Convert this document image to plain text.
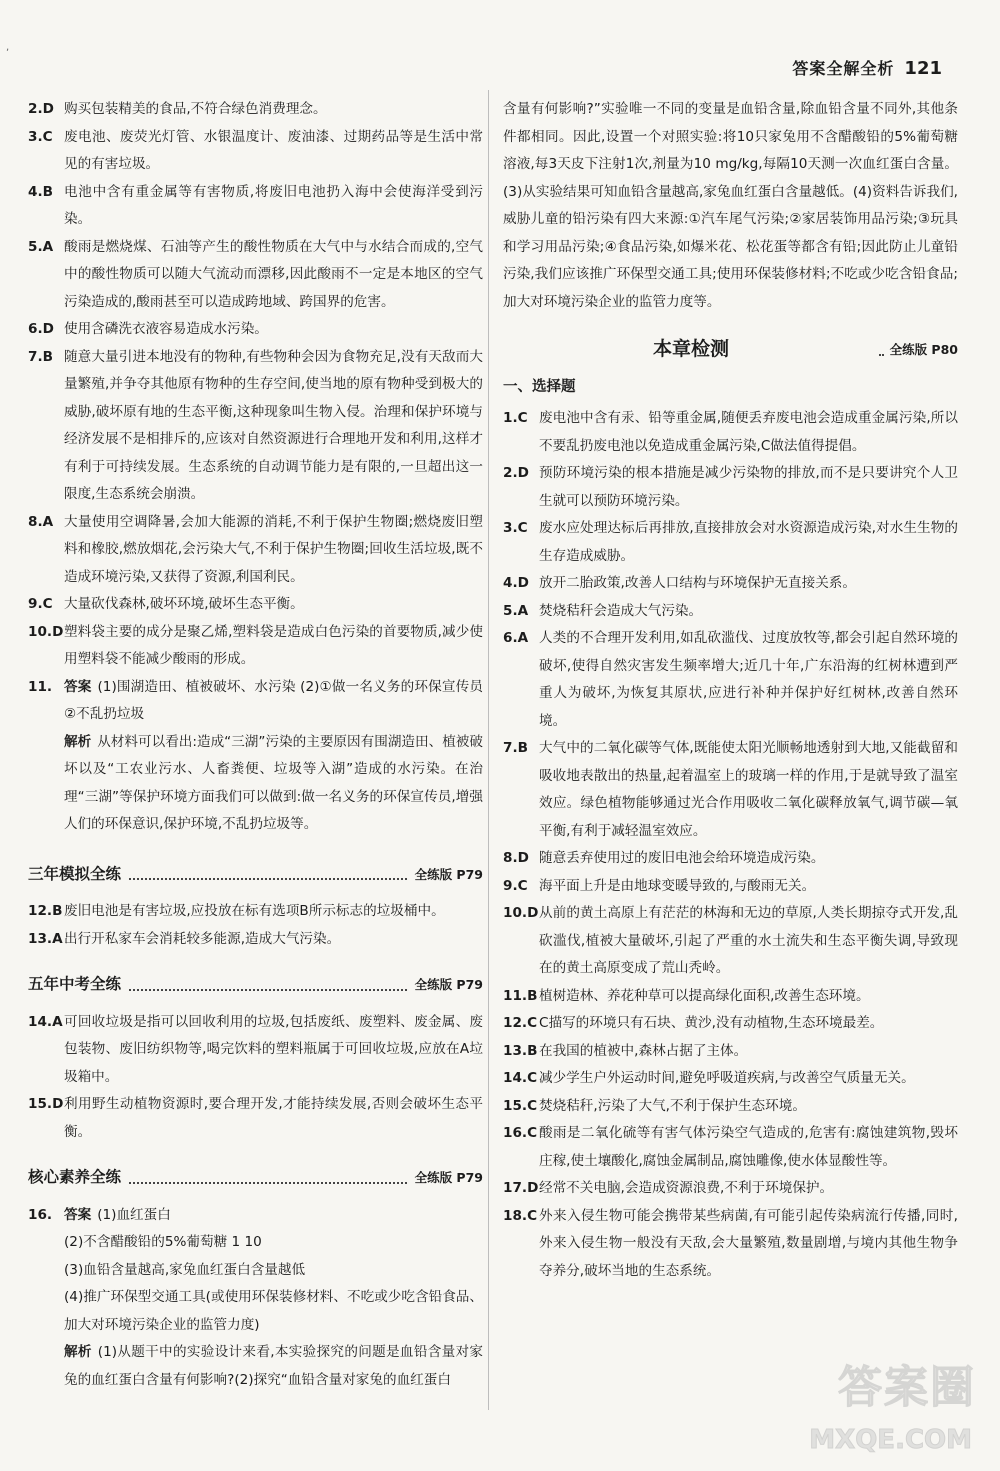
,
答案全解全析 121
2.D 购买包装精美的食品,不符合绿色消费理念。
3.C 废电池、废荧光灯管、水银温度计、废油漆、过期药品等是生活中常见的有害垃圾。
4.B 电池中含有重金属等有害物质,将废旧电池扔入海中会使海洋受到污染。
5.A 酸雨是燃烧煤、石油等产生的酸性物质在大气中与水结合而成的,空气中的酸性物质可以随大气流动而漂移,因此酸雨不一定是本地区的空气污染造成的,酸雨甚至可以造成跨地域、跨国界的危害。
6.D 使用含磷洗衣液容易造成水污染。
7.B 随意大量引进本地没有的物种,有些物种会因为食物充足,没有天敌而大量繁殖,并争夺其他原有物种的生存空间,使当地的原有物种受到极大的威胁,破坏原有地的生态平衡,这种现象叫生物入侵。治理和保护环境与经济发展不是相排斥的,应该对自然资源进行合理地开发和利用,这样才有利于可持续发展。生态系统的自动调节能力是有限的,一旦超出这一限度,生态系统会崩溃。
8.A 大量使用空调降暑,会加大能源的消耗,不利于保护生物圈;燃烧废旧塑料和橡胶,燃放烟花,会污染大气,不利于保护生物圈;回收生活垃圾,既不造成环境污染,又获得了资源,利国利民。
9.C 大量砍伐森林,破坏环境,破坏生态平衡。
10.D 塑料袋主要的成分是聚乙烯,塑料袋是造成白色污染的首要物质,减少使用塑料袋不能减少酸雨的形成。
11. 答案 (1)围湖造田、植被破坏、水污染 (2)①做一名义务的环保宣传员 ②不乱扔垃圾
解析 从材料可以看出:造成“三湖”污染的主要原因有围湖造田、植被破坏以及“工农业污水、人畜粪便、垃圾等入湖”造成的水污染。在治理“三湖”等保护环境方面我们可以做到:做一名义务的环保宣传员,增强人们的环保意识,保护环境,不乱扔垃圾等。
三年模拟全练	全练版 P79
12.B 废旧电池是有害垃圾,应投放在标有选项B所示标志的垃圾桶中。
13.A 出行开私家车会消耗较多能源,造成大气污染。
五年中考全练	全练版 P79
14.A 可回收垃圾是指可以回收利用的垃圾,包括废纸、废塑料、废金属、废包装物、废旧纺织物等,喝完饮料的塑料瓶属于可回收垃圾,应放在A垃圾箱中。
15.D 利用野生动植物资源时,要合理开发,才能持续发展,否则会破坏生态平衡。
核心素养全练	全练版 P79
16. 答案 (1)血红蛋白
(2)不含醋酸铅的5%葡萄糖 1 10
(3)血铅含量越高,家兔血红蛋白含量越低
(4)推广环保型交通工具(或使用环保装修材料、不吃或少吃含铅食品、加大对环境污染企业的监管力度)
解析 (1)从题干中的实验设计来看,本实验探究的问题是血铅含量对家兔的血红蛋白含量有何影响?(2)探究“血铅含量对家兔的血红蛋白
含量有何影响?”实验唯一不同的变量是血铅含量,除血铅含量不同外,其他条件都相同。因此,设置一个对照实验:将10只家兔用不含醋酸铅的5%葡萄糖溶液,每3天皮下注射1次,剂量为10 mg/kg,每隔10天测一次血红蛋白含量。(3)从实验结果可知血铅含量越高,家兔血红蛋白含量越低。(4)资料告诉我们,威胁儿童的铅污染有四大来源:①汽车尾气污染;②家居装饰用品污染;③玩具和学习用品污染;④食品污染,如爆米花、松花蛋等都含有铅;因此防止儿童铅污染,我们应该推广环保型交通工具;使用环保装修材料;不吃或少吃含铅食品;加大对环境污染企业的监管力度等。
本章检测	全练版 P80
一、选择题
1.C 废电池中含有汞、铅等重金属,随便丢弃废电池会造成重金属污染,所以不要乱扔废电池以免造成重金属污染,C做法值得提倡。
2.D 预防环境污染的根本措施是减少污染物的排放,而不是只要讲究个人卫生就可以预防环境污染。
3.C 废水应处理达标后再排放,直接排放会对水资源造成污染,对水生生物的生存造成威胁。
4.D 放开二胎政策,改善人口结构与环境保护无直接关系。
5.A 焚烧秸秆会造成大气污染。
6.A 人类的不合理开发利用,如乱砍滥伐、过度放牧等,都会引起自然环境的破坏,使得自然灾害发生频率增大;近几十年,广东沿海的红树林遭到严重人为破坏,为恢复其原状,应进行补种并保护好红树林,改善自然环境。
7.B 大气中的二氧化碳等气体,既能使太阳光顺畅地透射到大地,又能截留和吸收地表散出的热量,起着温室上的玻璃一样的作用,于是就导致了温室效应。绿色植物能够通过光合作用吸收二氧化碳释放氧气,调节碳—氧平衡,有利于减轻温室效应。
8.D 随意丢弃使用过的废旧电池会给环境造成污染。
9.C 海平面上升是由地球变暖导致的,与酸雨无关。
10.D 从前的黄土高原上有茫茫的林海和无边的草原,人类长期掠夺式开发,乱砍滥伐,植被大量破坏,引起了严重的水土流失和生态平衡失调,导致现在的黄土高原变成了荒山秃岭。
11.B 植树造林、养花种草可以提高绿化面积,改善生态环境。
12.C C描写的环境只有石块、黄沙,没有动植物,生态环境最差。
13.B 在我国的植被中,森林占据了主体。
14.C 减少学生户外运动时间,避免呼吸道疾病,与改善空气质量无关。
15.C 焚烧秸秆,污染了大气,不利于保护生态环境。
16.C 酸雨是二氧化硫等有害气体污染空气造成的,危害有:腐蚀建筑物,毁坏庄稼,使土壤酸化,腐蚀金属制品,腐蚀雕像,使水体显酸性等。
17.D 经常不关电脑,会造成资源浪费,不利于环境保护。
18.C 外来入侵生物可能会携带某些病菌,有可能引起传染病流行传播,同时,外来入侵生物一般没有天敌,会大量繁殖,数量剧增,与境内其他生物争夺养分,破坏当地的生态系统。
答案圈
MXQE.COM
